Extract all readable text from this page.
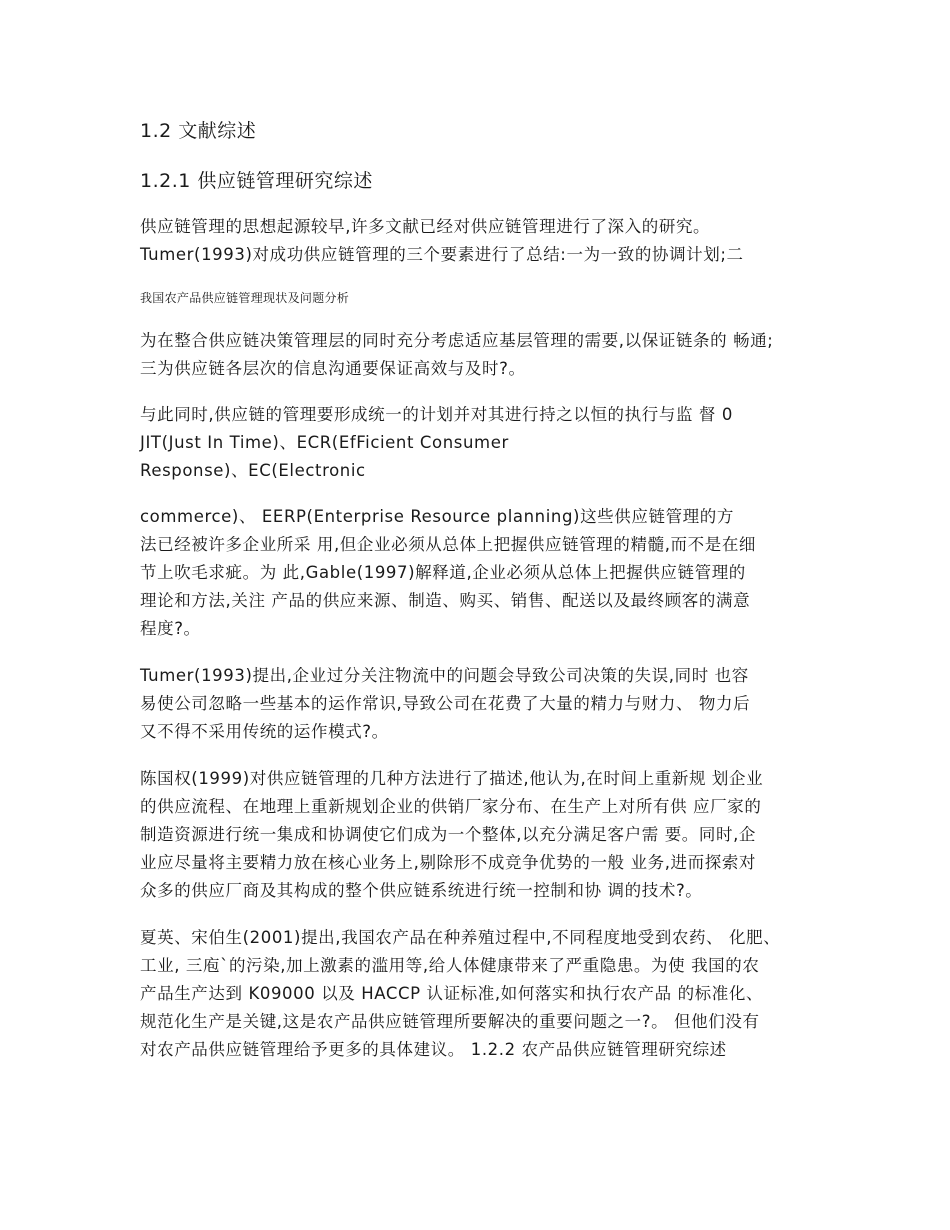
1.2 文献综述
1.2.1 供应链管理研究综述
供应链管理的思想起源较早,许多文献已经对供应链管理进行了深入的研究。
Tumer(1993)对成功供应链管理的三个要素进行了总结:一为一致的协调计划;二
我国农产品供应链管理现状及问题分析
为在整合供应链决策管理层的同时充分考虑适应基层管理的需要,以保证链条的 畅通;
三为供应链各层次的信息沟通要保证高效与及时?。
与此同时,供应链的管理要形成统一的计划并对其进行持之以恒的执行与监 督 0
JIT(Just In Time)、ECR(EfFicient Consumer
Response)、EC(Electronic
commerce)、 EERP(Enterprise Resource planning)这些供应链管理的方
法已经被许多企业所采 用,但企业必须从总体上把握供应链管理的精髓,而不是在细
节上吹毛求疵。为 此,Gable(1997)解释道,企业必须从总体上把握供应链管理的
理论和方法,关注 产品的供应来源、制造、购买、销售、配送以及最终顾客的满意
程度?。
Tumer(1993)提出,企业过分关注物流中的问题会导致公司决策的失误,同时 也容
易使公司忽略一些基本的运作常识,导致公司在花费了大量的精力与财力、 物力后
又不得不采用传统的运作模式?。
陈国权(1999)对供应链管理的几种方法进行了描述,他认为,在时间上重新规 划企业
的供应流程、在地理上重新规划企业的供销厂家分布、在生产上对所有供 应厂家的
制造资源进行统一集成和协调使它们成为一个整体,以充分满足客户需 要。同时,企
业应尽量将主要精力放在核心业务上,剔除形不成竞争优势的一般 业务,进而探索对
众多的供应厂商及其构成的整个供应链系统进行统一控制和协 调的技术?。
夏英、宋伯生(2001)提出,我国农产品在种养殖过程中,不同程度地受到农药、 化肥、
工业, 三庖`的污染,加上激素的滥用等,给人体健康带来了严重隐患。为使 我国的农
产品生产达到 K09000 以及 HACCP 认证标准,如何落实和执行农产品 的标准化、
规范化生产是关键,这是农产品供应链管理所要解决的重要问题之一?。 但他们没有
对农产品供应链管理给予更多的具体建议。 1.2.2 农产品供应链管理研究综述
